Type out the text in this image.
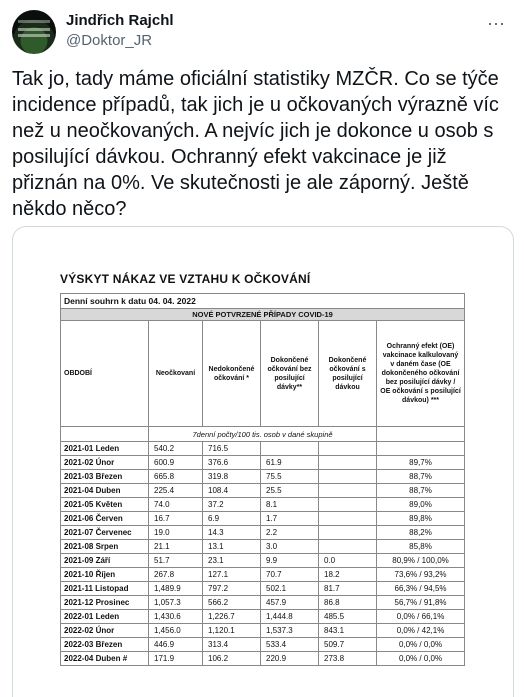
Jindřich Rajchl
@Doktor_JR
⋯
Tak jo, tady máme oficiální statistiky MZČR. Co se týče incidence případů, tak jich je u očkovaných výrazně víc než u neočkovaných. A nejvíc jich je dokonce u osob s posilující dávkou. Ochranný efekt vakcinace je již přiznán na 0%. Ve skutečnosti je ale záporný. Ještě někdo něco?
VÝSKYT NÁKAZ VE VZTAHU K OČKOVÁNÍ
Denní souhrn k datu 04. 04. 2022					
NOVÉ POTVRZENÉ PŘÍPADY COVID-19					
OBDOBÍ	Neočkovaní	Nedokončené očkování *	Dokončené očkování bez posilující dávky**	Dokončené očkování s posilující dávkou	Ochranný efekt (OE) vakcinace kalkulovaný v daném čase (OE dokončeného očkování bez posilující dávky / OE očkování s posilující dávkou) ***
	7denní počty/100 tis. osob v dané skupině				
2021-01 Leden	540.2	716.5			
2021-02 Únor	600.9	376.6	61.9		89,7%
2021-03 Březen	665.8	319.8	75.5		88,7%
2021-04 Duben	225.4	108.4	25.5		88,7%
2021-05 Květen	74.0	37.2	8.1		89,0%
2021-06 Červen	16.7	6.9	1.7		89,8%
2021-07 Červenec	19.0	14.3	2.2		88,2%
2021-08 Srpen	21.1	13.1	3.0		85,8%
2021-09 Září	51.7	23.1	9.9	0.0	80,9% / 100,0%
2021-10 Říjen	267.8	127.1	70.7	18.2	73,6% / 93,2%
2021-11 Listopad	1,489.9	797.2	502.1	81.7	66,3% / 94,5%
2021-12 Prosinec	1,057.3	566.2	457.9	86.8	56,7% / 91,8%
2022-01 Leden	1,430.6	1,226.7	1,444.8	485.5	0,0% / 66,1%
2022-02 Únor	1,456.0	1,120.1	1,537.3	843.1	0,0% / 42,1%
2022-03 Březen	446.9	313.4	533.4	509.7	0,0% / 0,0%
2022-04 Duben #	171.9	106.2	220.9	273.8	0,0% / 0,0%
